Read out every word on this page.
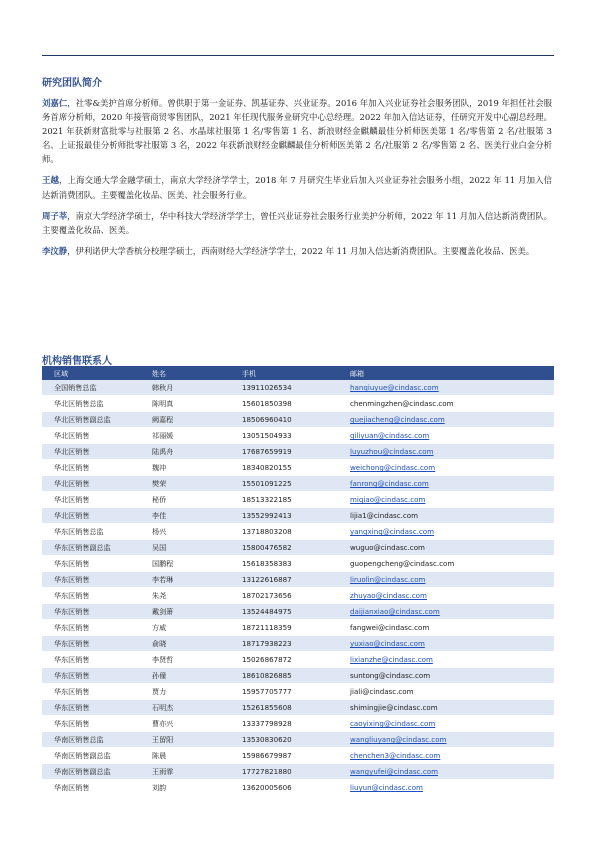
研究团队简介

刘嘉仁，社零&美护首席分析师。曾供职于第一金证券、凯基证券、兴业证券。2016 年加入兴业证券社会服务团队，2019 年担任社会服务首席分析师，2020 年接管商贸零售团队，2021 年任现代服务业研究中心总经理。2022 年加入信达证券，任研究开发中心副总经理。 2021 年获新财富批零与社服第 2 名、水晶球社服第 1 名/零售第 1 名、新浪财经金麒麟最佳分析师医美第 1 名/零售第 2 名/社服第 3 名、上证报最佳分析师批零社服第 3 名，2022 年获新浪财经金麒麟最佳分析师医美第 2 名/社服第 2 名/零售第 2 名、医美行业白金分析师。

王越，上海交通大学金融学硕士，南京大学经济学学士，2018 年 7 月研究生毕业后加入兴业证券社会服务小组，2022 年 11 月加入信达新消费团队。主要覆盖化妆品、医美、社会服务行业。

周子莘，南京大学经济学硕士，华中科技大学经济学学士，曾任兴业证券社会服务行业美护分析师，2022 年 11 月加入信达新消费团队。主要覆盖化妆品、医美。

李汶静，伊利诺伊大学香槟分校理学硕士，西南财经大学经济学学士，2022 年 11 月加入信达新消费团队。主要覆盖化妆品、医美。

机构销售联系人
区域	姓名	手机	邮箱
全国销售总监	韩秋月	13911026534	hanqiuyue@cindasc.com
华北区销售总监	陈明真	15601850398	chenmingzhen@cindasc.com
华北区销售副总监	阙嘉程	18506960410	quejiacheng@cindasc.com
华北区销售	祁丽媛	13051504933	qiliyuan@cindasc.com
华北区销售	陆禹舟	17687659919	luyuzhou@cindasc.com
华北区销售	魏冲	18340820155	weichong@cindasc.com
华北区销售	樊荣	15501091225	fanrong@cindasc.com
华北区销售	秘侨	18513322185	miqiao@cindasc.com
华北区销售	李佳	13552992413	lijia1@cindasc.com
华东区销售总监	杨兴	13718803208	yangxing@cindasc.com
华东区销售副总监	吴国	15800476582	wuguo@cindasc.com
华东区销售	国鹏程	15618358383	guopengcheng@cindasc.com
华东区销售	李若琳	13122616887	liruolin@cindasc.com
华东区销售	朱尧	18702173656	zhuyao@cindasc.com
华东区销售	戴剑箫	13524484975	daijianxiao@cindasc.com
华东区销售	方威	18721118359	fangwei@cindasc.com
华东区销售	俞晓	18717938223	yuxiao@cindasc.com
华东区销售	李贤哲	15026867872	lixianzhe@cindasc.com
华东区销售	孙僮	18610826885	suntong@cindasc.com
华东区销售	贾力	15957705777	jiali@cindasc.com
华东区销售	石明杰	15261855608	shimingjie@cindasc.com
华东区销售	曹亦兴	13337798928	caoyixing@cindasc.com
华南区销售总监	王留阳	13530830620	wangliuyang@cindasc.com
华南区销售副总监	陈晨	15986679987	chenchen3@cindasc.com
华南区销售副总监	王雨霏	17727821880	wangyufei@cindasc.com
华南区销售	刘韵	13620005606	liuyun@cindasc.com
